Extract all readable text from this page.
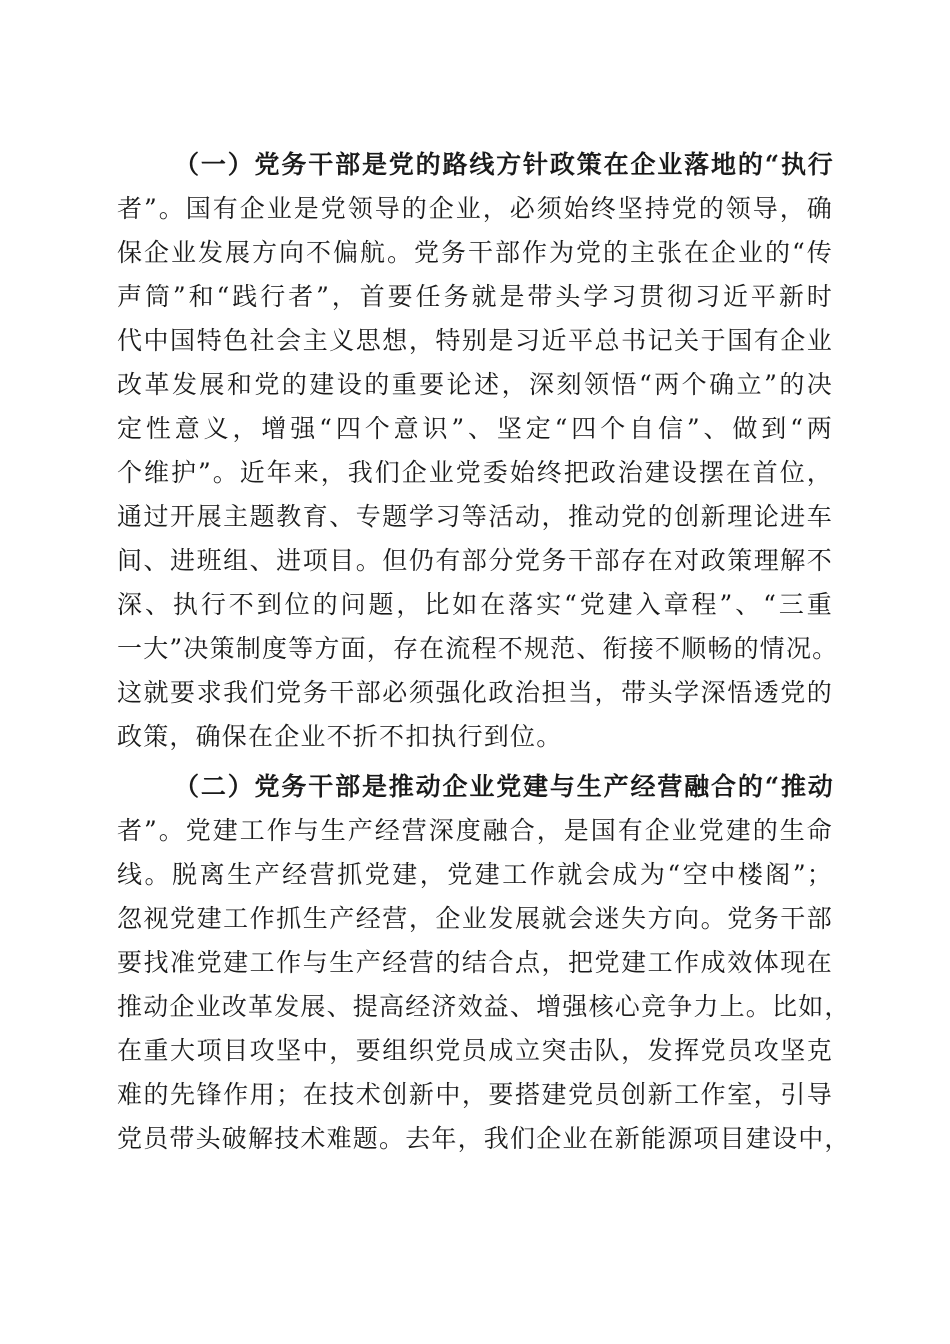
（一）党务干部是党的路线方针政策在企业落地的“执行
者”。国有企业是党领导的企业，必须始终坚持党的领导，确
保企业发展方向不偏航。党务干部作为党的主张在企业的“传
声筒”和“践行者”，首要任务就是带头学习贯彻习近平新时
代中国特色社会主义思想，特别是习近平总书记关于国有企业
改革发展和党的建设的重要论述，深刻领悟“两个确立”的决
定性意义，增强“四个意识”、坚定“四个自信”、做到“两
个维护”。近年来，我们企业党委始终把政治建设摆在首位，
通过开展主题教育、专题学习等活动，推动党的创新理论进车
间、进班组、进项目。但仍有部分党务干部存在对政策理解不
深、执行不到位的问题，比如在落实“党建入章程”、“三重
一大”决策制度等方面，存在流程不规范、衔接不顺畅的情况。
这就要求我们党务干部必须强化政治担当，带头学深悟透党的
政策，确保在企业不折不扣执行到位。
（二）党务干部是推动企业党建与生产经营融合的“推动
者”。党建工作与生产经营深度融合，是国有企业党建的生命
线。脱离生产经营抓党建，党建工作就会成为“空中楼阁”；
忽视党建工作抓生产经营，企业发展就会迷失方向。党务干部
要找准党建工作与生产经营的结合点，把党建工作成效体现在
推动企业改革发展、提高经济效益、增强核心竞争力上。比如，
在重大项目攻坚中，要组织党员成立突击队，发挥党员攻坚克
难的先锋作用；在技术创新中，要搭建党员创新工作室，引导
党员带头破解技术难题。去年，我们企业在新能源项目建设中，
